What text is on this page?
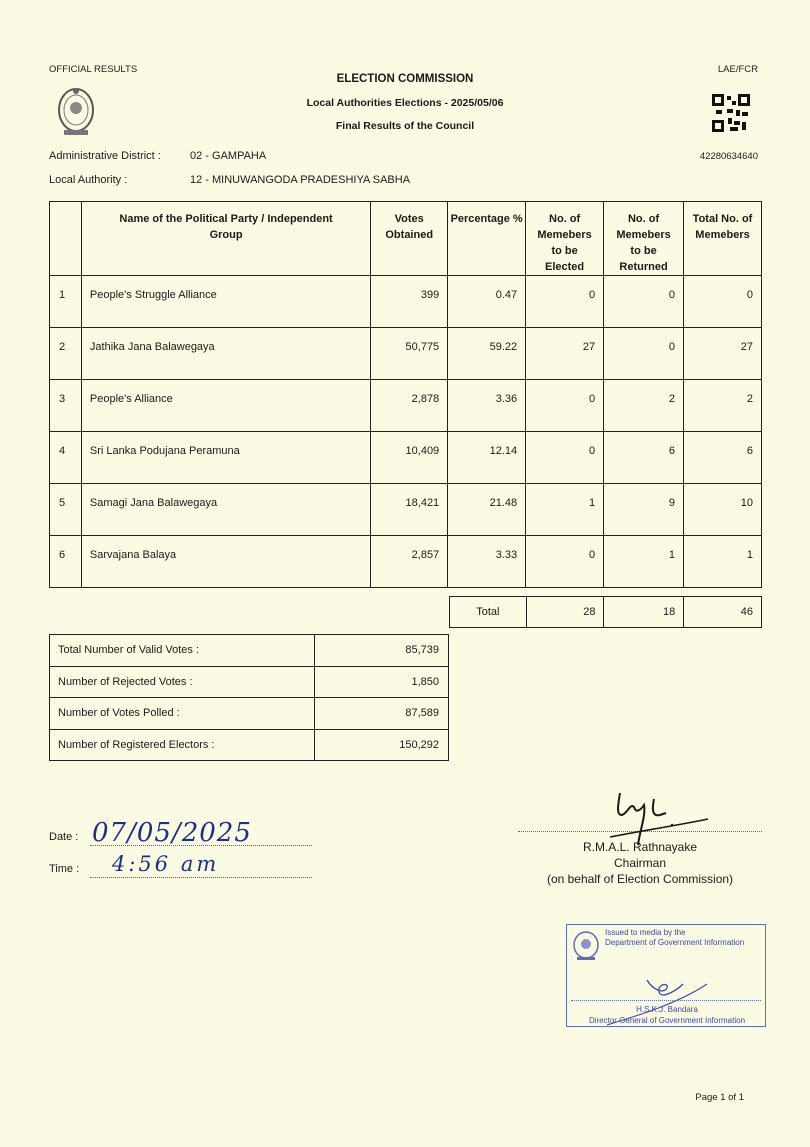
OFFICIAL RESULTS	LAE/FCR
ELECTION COMMISSION
Local Authorities Elections - 2025/05/06
Final Results of the Council
42280634640
Administrative District :	02 - GAMPAHA
Local Authority :	12 - MINUWANGODA PRADESHIYA SABHA
	Name of the Political Party / Independent Group	Votes Obtained	Percentage %	No. of Memebers to be Elected	No. of Memebers to be Returned	Total No. of Memebers
1	People's Struggle Alliance	399	0.47	0	0	0
2	Jathika Jana Balawegaya	50,775	59.22	27	0	27
3	People's Alliance	2,878	3.36	0	2	2
4	Sri Lanka Podujana Peramuna	10,409	12.14	0	6	6
5	Samagi Jana Balawegaya	18,421	21.48	1	9	10
6	Sarvajana Balaya	2,857	3.33	0	1	1
Total	28	18	46
Total Number of Valid Votes :	85,739
Number of Rejected Votes :	1,850
Number of Votes Polled :	87,589
Number of Registered Electors :	150,292
Date : 07/05/2025
Time : 4:56 am
R.M.A.L. Rathnayake
Chairman
(on behalf of Election Commission)
Issued to media by the
Department of Government Information
H.S.K.J. Bandara
Director General of Government Information
Page 1 of 1
